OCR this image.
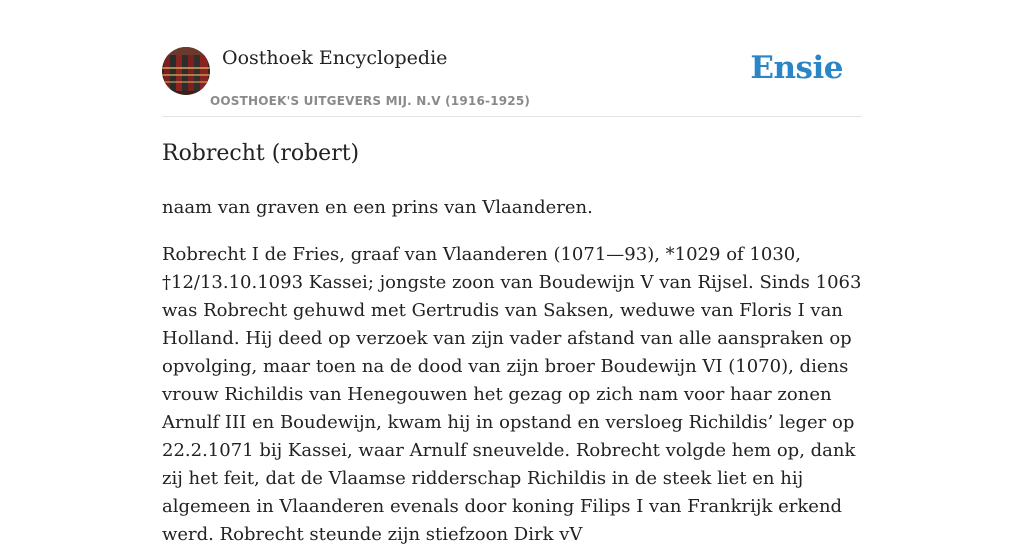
Oosthoek Encyclopedie
OOSTHOEK'S UITGEVERS MIJ. N.V (1916-1925)
Ensie
Robrecht (robert)

naam van graven en een prins van Vlaanderen.

Robrecht I de Fries, graaf van Vlaanderen (1071—93), *1029 of 1030, †12/13.10.1093 Kassei; jongste zoon van Boudewijn V van Rijsel. Sinds 1063 was Robrecht gehuwd met Gertrudis van Saksen, weduwe van Floris I van Holland. Hij deed op verzoek van zijn vader afstand van alle aanspraken op opvolging, maar toen na de dood van zijn broer Boudewijn VI (1070), diens vrouw Richildis van Henegouwen het gezag op zich nam voor haar zonen Arnulf III en Boudewijn, kwam hij in opstand en versloeg Richildis’ leger op 22.2.1071 bij Kassei, waar Arnulf sneuvelde. Robrecht volgde hem op, dank zij het feit, dat de Vlaamse ridderschap Richildis in de steek liet en hij algemeen in Vlaanderen evenals door koning Filips I van Frankrijk erkend werd. Robrecht steunde zijn stiefzoon Dirk vV
